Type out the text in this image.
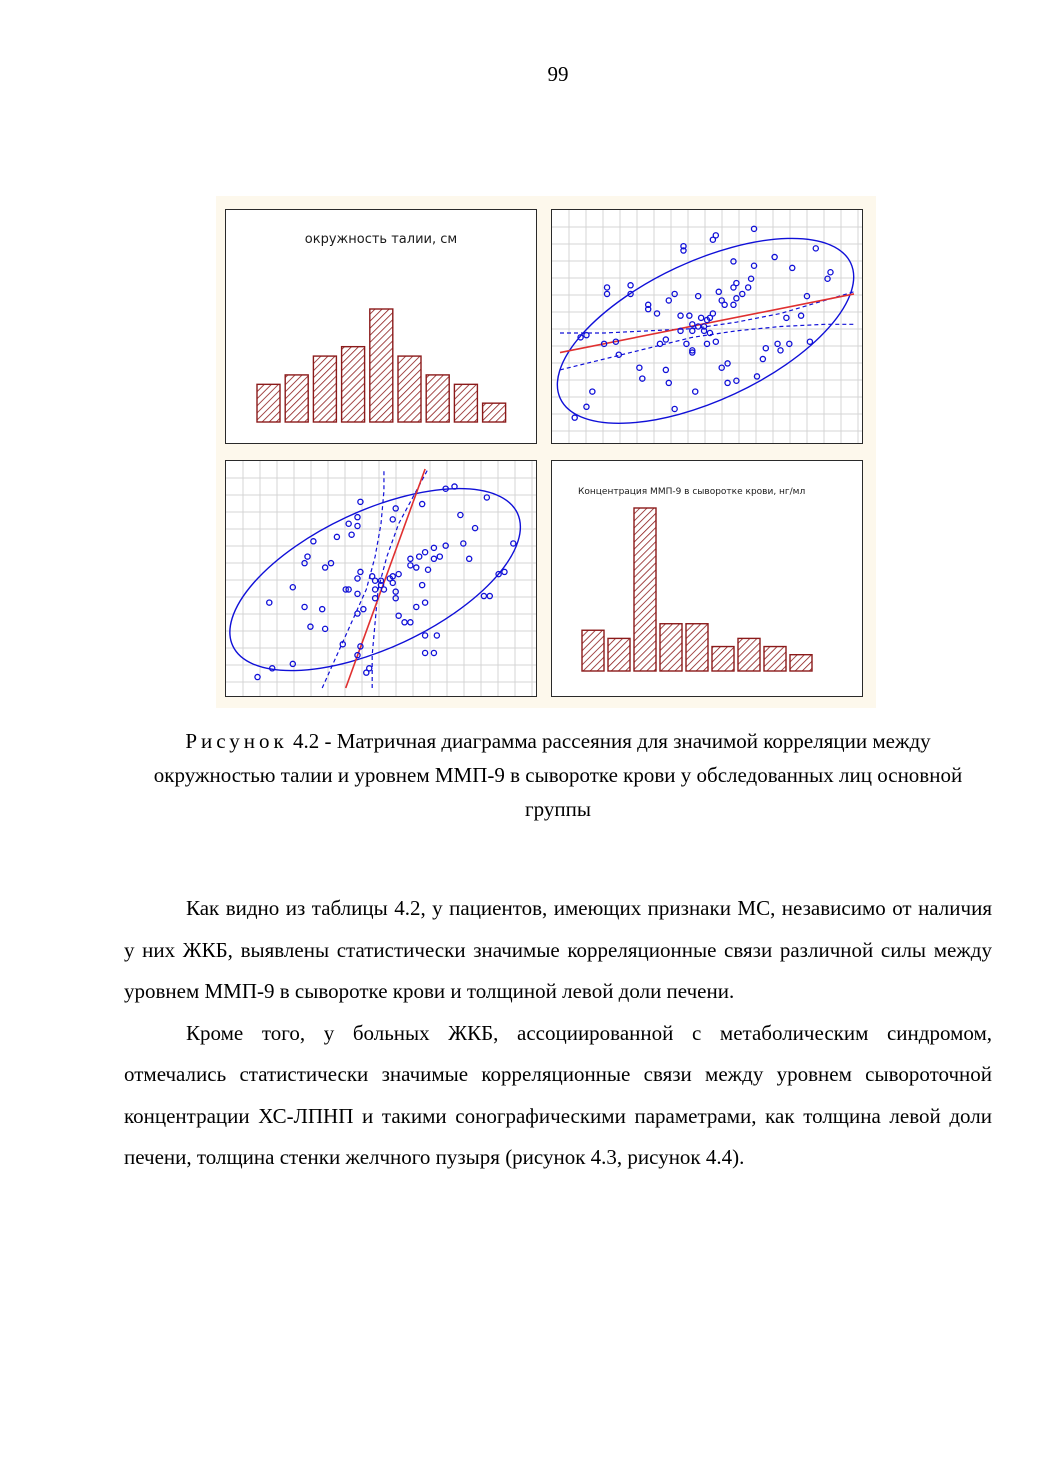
99
окружность талии, см
Концентрация ММП-9 в сыворотке крови, нг/мл
Рисунок 4.2 - Матричная диаграмма рассеяния для значимой корреляции между окружностью талии и уровнем ММП-9 в сыворотке крови у обследованных лиц основной группы

Как видно из таблицы 4.2, у пациентов, имеющих признаки МС, независимо от наличия у них ЖКБ, выявлены статистически значимые корреляционные связи различной силы между уровнем ММП-9 в сыворотке крови и толщиной левой доли печени.

Кроме того, у больных ЖКБ, ассоциированной с метаболическим синдромом, отмечались статистически значимые корреляционные связи между уровнем сывороточной концентрации ХС-ЛПНП и такими сонографическими параметрами, как толщина левой доли печени, толщина стенки желчного пузыря (рисунок 4.3, рисунок 4.4).
